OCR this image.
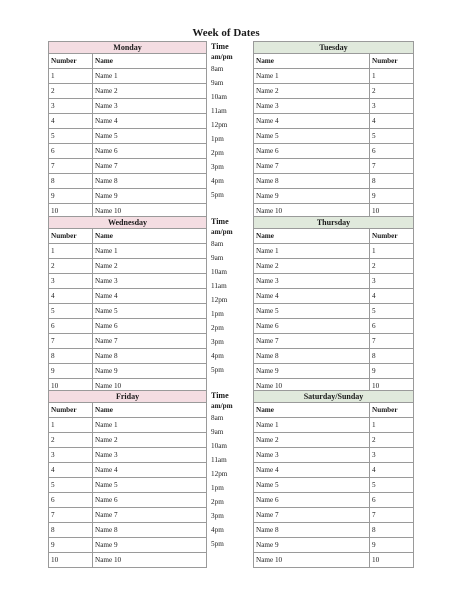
Week of Dates
Monday	
Number	Name
1	Name 1
2	Name 2
3	Name 3
4	Name 4
5	Name 5
6	Name 6
7	Name 7
8	Name 8
9	Name 9
10	Name 10
Time
am/pm
8am
9am
10am
11am
12pm
1pm
2pm
3pm
4pm
5pm
Tuesday	
Name	Number
Name 1	1
Name 2	2
Name 3	3
Name 4	4
Name 5	5
Name 6	6
Name 7	7
Name 8	8
Name 9	9
Name 10	10
Wednesday	
Number	Name
1	Name 1
2	Name 2
3	Name 3
4	Name 4
5	Name 5
6	Name 6
7	Name 7
8	Name 8
9	Name 9
10	Name 10
Time
am/pm
8am
9am
10am
11am
12pm
1pm
2pm
3pm
4pm
5pm
Thursday	
Name	Number
Name 1	1
Name 2	2
Name 3	3
Name 4	4
Name 5	5
Name 6	6
Name 7	7
Name 8	8
Name 9	9
Name 10	10
Friday	
Number	Name
1	Name 1
2	Name 2
3	Name 3
4	Name 4
5	Name 5
6	Name 6
7	Name 7
8	Name 8
9	Name 9
10	Name 10
Time
am/pm
8am
9am
10am
11am
12pm
1pm
2pm
3pm
4pm
5pm
Saturday/Sunday	
Name	Number
Name 1	1
Name 2	2
Name 3	3
Name 4	4
Name 5	5
Name 6	6
Name 7	7
Name 8	8
Name 9	9
Name 10	10
